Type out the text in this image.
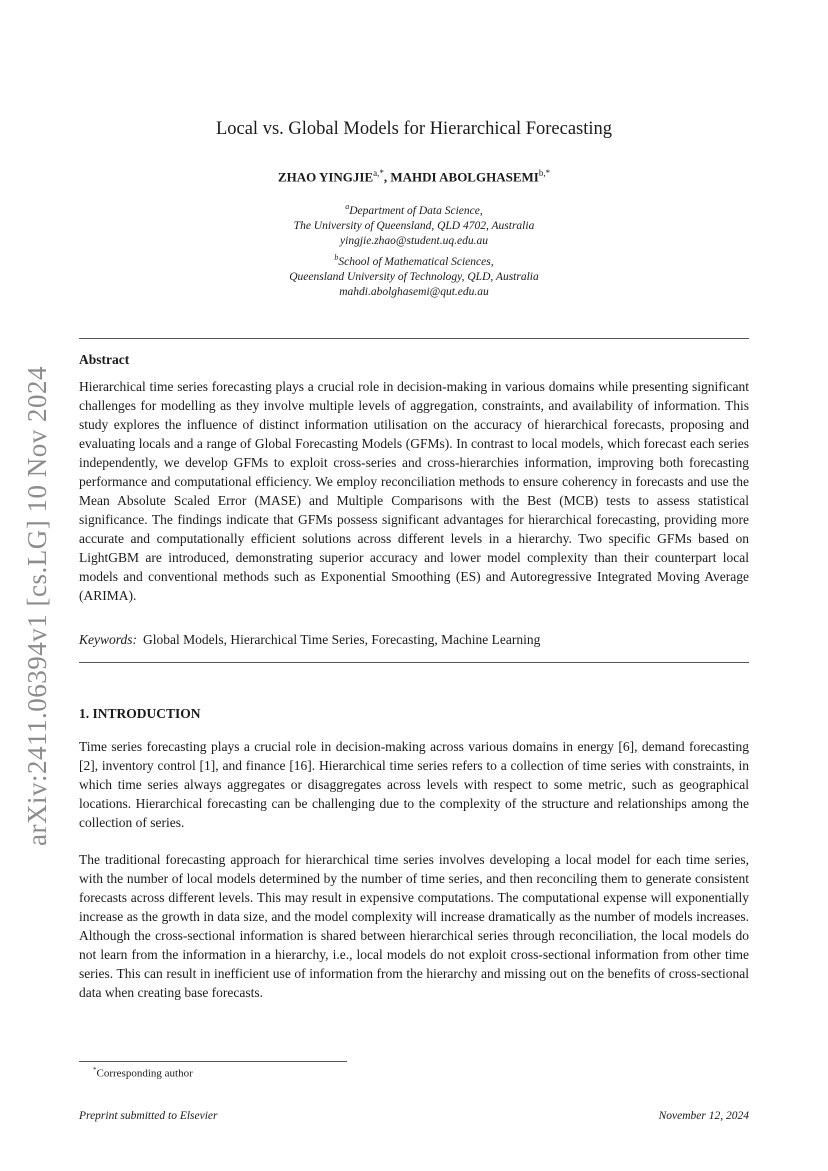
arXiv:2411.06394v1 [cs.LG] 10 Nov 2024
Local vs. Global Models for Hierarchical Forecasting
ZHAO $YINGJIE^{a,*}$, MAHDI $ABOLGHASEMI^{b,*}$
$^a$Department of Data Science,
The University of Queensland, QLD 4702, Australia
yingjie.zhao@student.uq.edu.au
$^b$School of Mathematical Sciences,
Queensland University of Technology, QLD, Australia
mahdi.abolghasemi@qut.edu.au
Abstract
Hierarchical time series forecasting plays a crucial role in decision-making in various domains while presenting significant challenges for modelling as they involve multiple levels of aggregation, constraints, and availability of information. This study explores the influence of distinct information utilisation on the accuracy of hierarchical forecasts, proposing and evaluating locals and a range of Global Forecasting Models (GFMs). In contrast to local models, which forecast each series independently, we develop GFMs to exploit cross-series and cross-hierarchies information, improving both forecasting performance and computational efficiency. We employ reconciliation methods to ensure coherency in forecasts and use the Mean Absolute Scaled Error (MASE) and Multiple Comparisons with the Best (MCB) tests to assess statistical significance. The findings indicate that GFMs possess significant advantages for hierarchical forecasting, providing more accurate and computationally efficient solutions across different levels in a hierarchy. Two specific GFMs based on LightGBM are introduced, demonstrating superior accuracy and lower model complexity than their counterpart local models and conventional methods such as Exponential Smoothing (ES) and Autoregressive Integrated Moving Average (ARIMA).
Keywords: Global Models, Hierarchical Time Series, Forecasting, Machine Learning
1. INTRODUCTION
Time series forecasting plays a crucial role in decision-making across various domains in energy [6], demand forecasting [2], inventory control [1], and finance [16]. Hierarchical time series refers to a collection of time series with constraints, in which time series always aggregates or disaggregates across levels with respect to some metric, such as geographical locations. Hierarchical forecasting can be challenging due to the complexity of the structure and relationships among the collection of series.
The traditional forecasting approach for hierarchical time series involves developing a local model for each time series, with the number of local models determined by the number of time series, and then reconciling them to generate consistent forecasts across different levels. This may result in expensive computations. The computational expense will exponentially increase as the growth in data size, and the model complexity will increase dramatically as the number of models increases. Although the cross-sectional information is shared between hierarchical series through reconciliation, the local models do not learn from the information in a hierarchy, i.e., local models do not exploit cross-sectional information from other time series. This can result in inefficient use of information from the hierarchy and missing out on the benefits of cross-sectional data when creating base forecasts.
*Corresponding author
Preprint submitted to Elsevier	November 12, 2024
